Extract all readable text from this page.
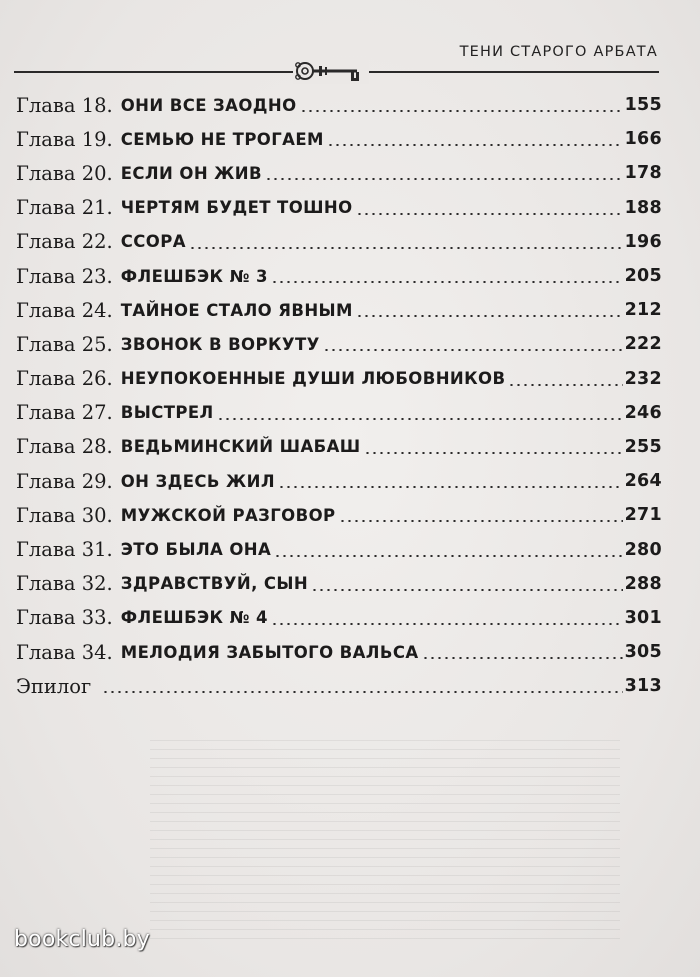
ТЕНИ СТАРОГО АРБАТА
Глава 18. ОНИ ВСЕ ЗАОДНО	155
Глава 19. СЕМЬЮ НЕ ТРОГАЕМ	166
Глава 20. ЕСЛИ ОН ЖИВ	178
Глава 21. ЧЕРТЯМ БУДЕТ ТОШНО	188
Глава 22. ССОРА	196
Глава 23. ФЛЕШБЭК № 3	205
Глава 24. ТАЙНОЕ СТАЛО ЯВНЫМ	212
Глава 25. ЗВОНОК В ВОРКУТУ	222
Глава 26. НЕУПОКОЕННЫЕ ДУШИ ЛЮБОВНИКОВ	232
Глава 27. ВЫСТРЕЛ	246
Глава 28. ВЕДЬМИНСКИЙ ШАБАШ	255
Глава 29. ОН ЗДЕСЬ ЖИЛ	264
Глава 30. МУЖСКОЙ РАЗГОВОР	271
Глава 31. ЭТО БЫЛА ОНА	280
Глава 32. ЗДРАВСТВУЙ, СЫН	288
Глава 33. ФЛЕШБЭК № 4	301
Глава 34. МЕЛОДИЯ ЗАБЫТОГО ВАЛЬСА	305
Эпилог	313
bookclub.by
